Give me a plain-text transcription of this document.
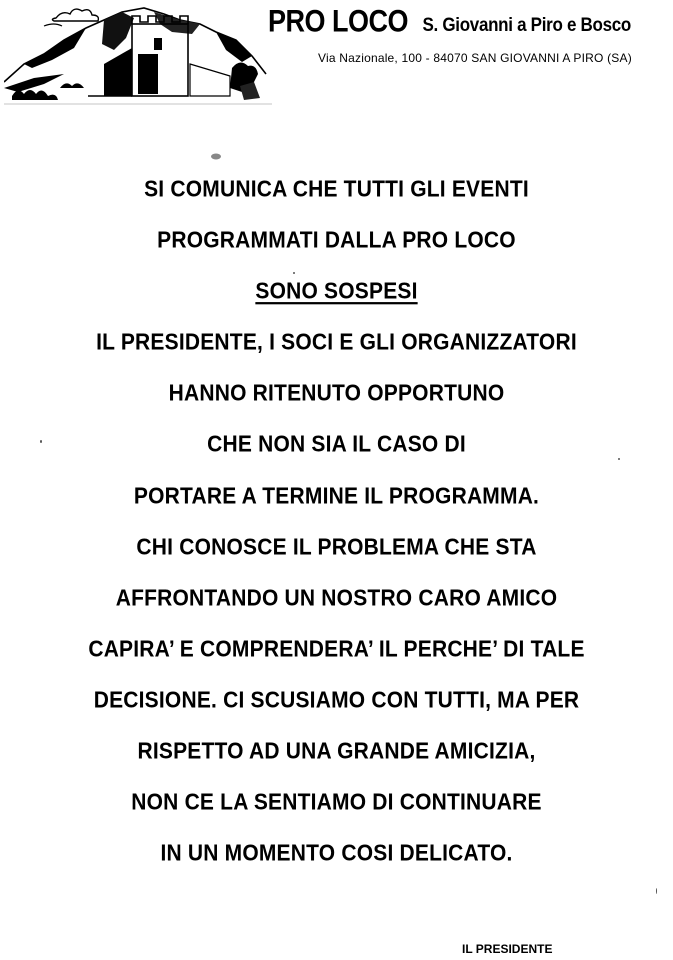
PRO LOCO S. Giovanni a Piro e Bosco
Via Nazionale, 100 - 84070 SAN GIOVANNI A PIRO (SA)
SI COMUNICA CHE TUTTI GLI EVENTI
PROGRAMMATI DALLA PRO LOCO
SONO SOSPESI
IL PRESIDENTE, I SOCI E GLI ORGANIZZATORI
HANNO RITENUTO OPPORTUNO
CHE NON SIA IL CASO DI
PORTARE A TERMINE IL PROGRAMMA.
CHI CONOSCE IL PROBLEMA CHE STA
AFFRONTANDO UN NOSTRO CARO AMICO
CAPIRA’ E COMPRENDERA’ IL PERCHE’ DI TALE
DECISIONE. CI SCUSIAMO CON TUTTI, MA PER
RISPETTO AD UNA GRANDE AMICIZIA,
NON CE LA SENTIAMO DI CONTINUARE
IN UN MOMENTO COSI DELICATO.
IL PRESIDENTE
